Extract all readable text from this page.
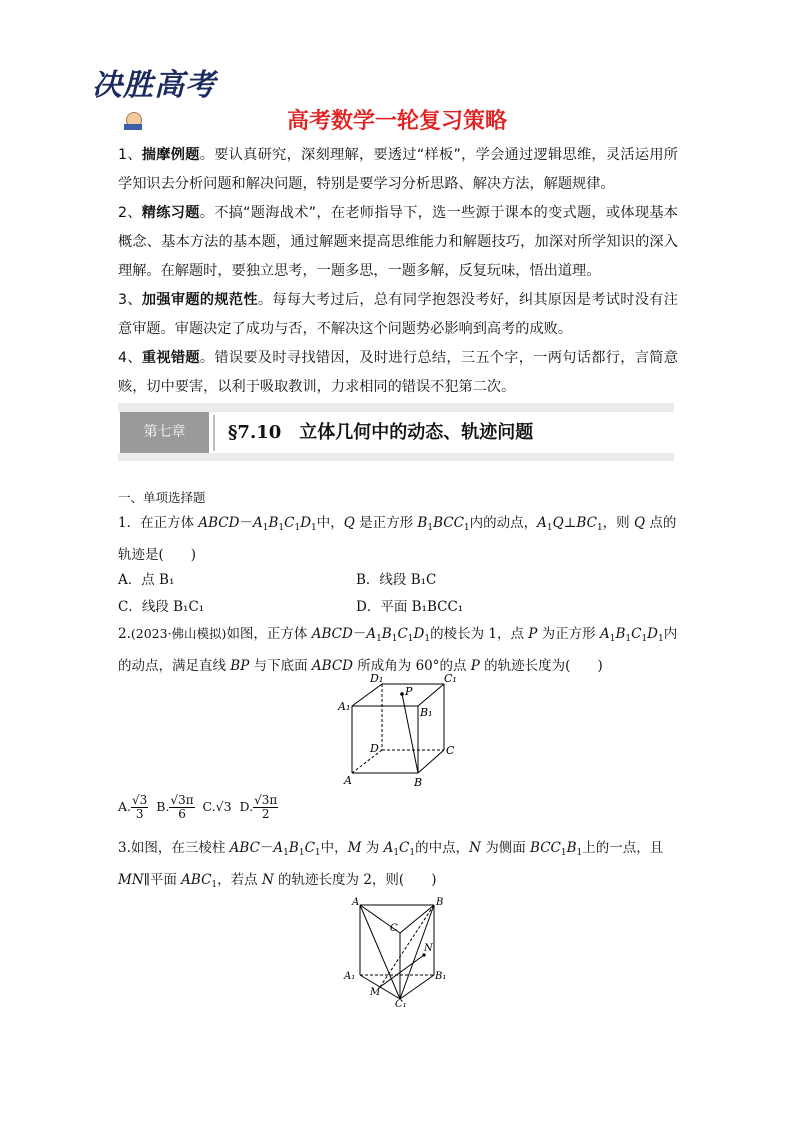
决胜高考
高考数学一轮复习策略
1、揣摩例题。要认真研究，深刻理解，要透过“样板”，学会通过逻辑思维，灵活运用所学知识去分析问题和解决问题，特别是要学习分析思路、解决方法，解题规律。
2、精练习题。不搞“题海战术”，在老师指导下，选一些源于课本的变式题，或体现基本概念、基本方法的基本题，通过解题来提高思维能力和解题技巧，加深对所学知识的深入理解。在解题时，要独立思考，一题多思，一题多解，反复玩味，悟出道理。
3、加强审题的规范性。每每大考过后，总有同学抱怨没考好，纠其原因是考试时没有注意审题。审题决定了成功与否，不解决这个问题势必影响到高考的成败。
4、重视错题。错误要及时寻找错因，及时进行总结，三五个字，一两句话都行，言简意赅，切中要害，以利于吸取教训，力求相同的错误不犯第二次。
第七章	§7.10　立体几何中的动态、轨迹问题
一、单项选择题
1．在正方体 $ABCD-A_1B_1C_1D_1$中，Q 是正方形 $B_1BCC_1$内的动点，$A_1Q\perp BC_1$，则 Q 点的轨迹是(　　)
A．点 B₁	B．线段 B₁C
C．线段 B₁C₁	D．平面 B₁BCC₁
2.(2023·佛山模拟)如图，正方体 $ABCD-A_1B_1C_1D_1$的棱长为 1，点 P 为正方形 $A_1B_1C_1D_1$内的动点，满足直线 BP 与下底面 ABCD 所成角为 60°的点 P 的轨迹长度为(　　)
D₁	C₁
A₁	B₁
P
D	C
A	B
A. $\frac{√3}{3} B$. $\frac{√3\pi}{6} C.√3$  D. $\frac{√3\pi}{2}$
3.如图，在三棱柱 $ABC-A_1B_1C_1$中，M 为 $A_1C_1$的中点，N 为侧面 $BCC_1B_1$上的一点，且 MN∥平面 $ABC_1$，若点 N 的轨迹长度为 2，则(　　)
A	B
C
N
A₁	B₁
M
C₁
